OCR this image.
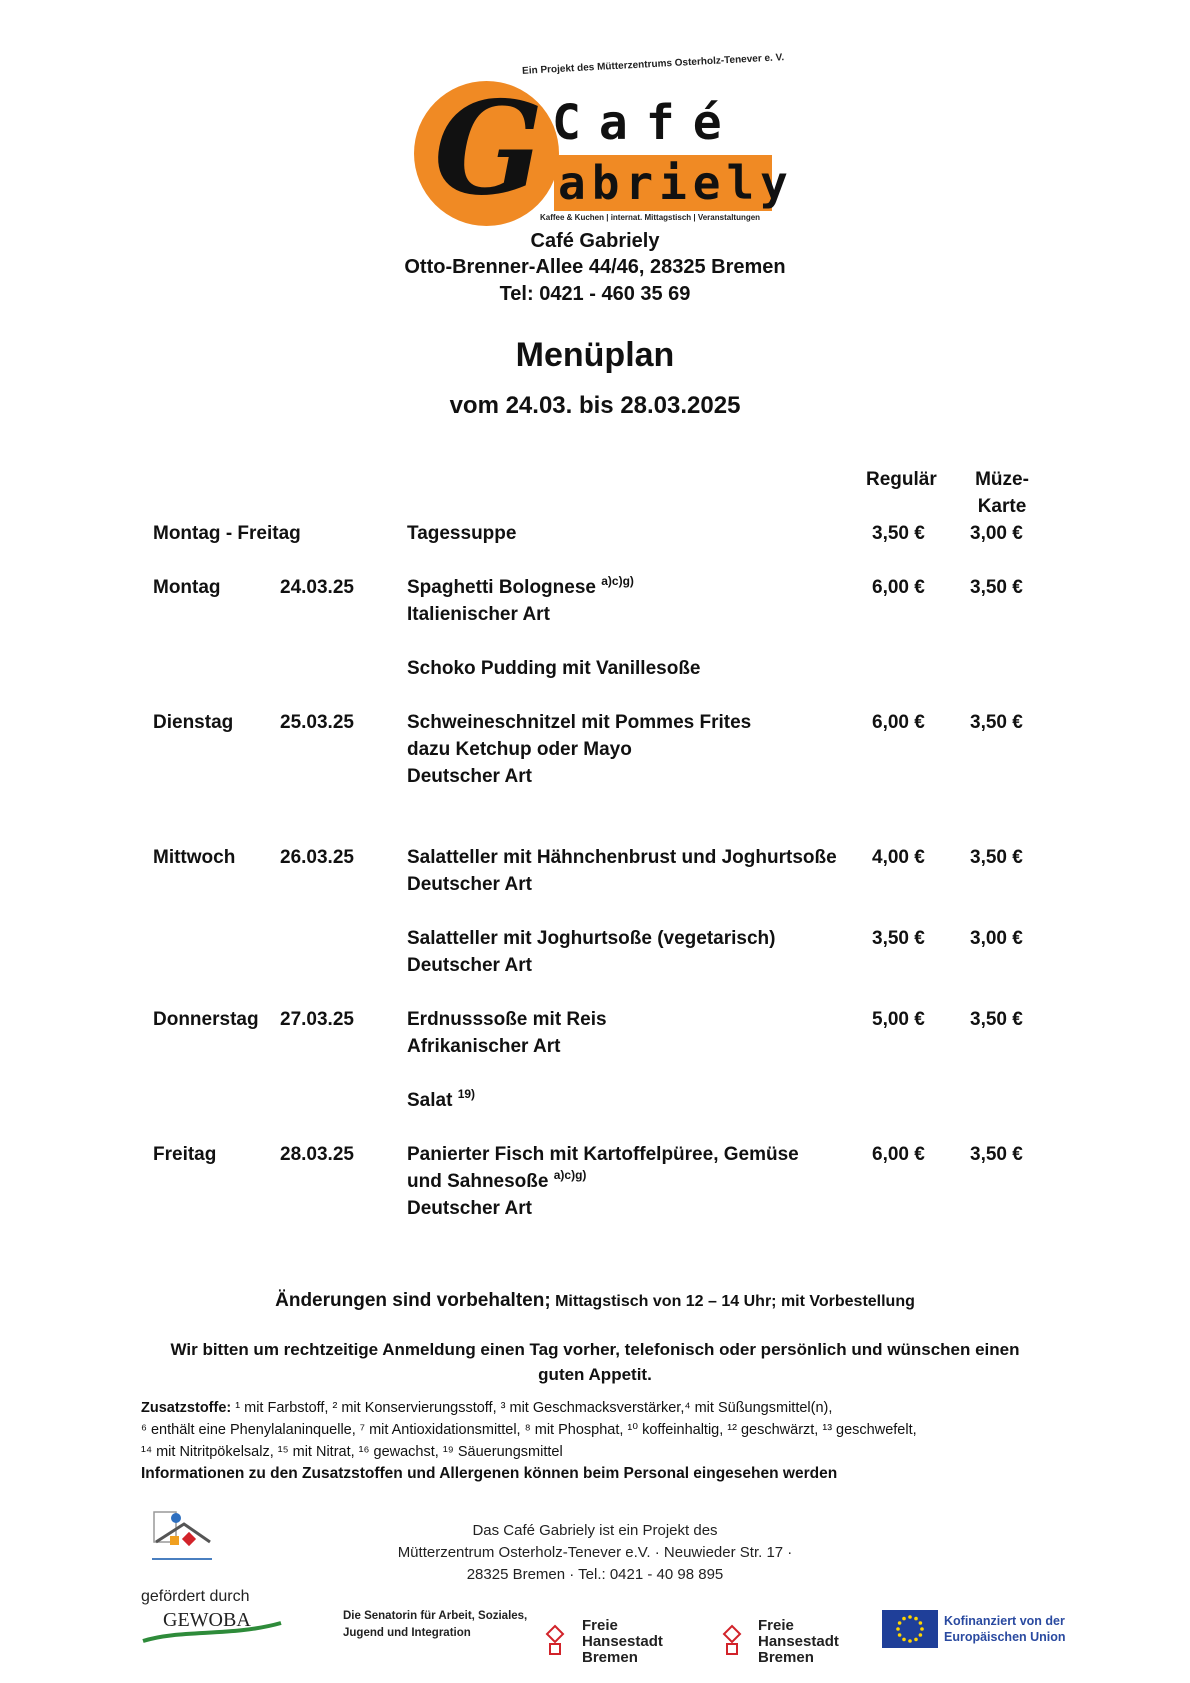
Ein Projekt des Mütterzentrums Osterholz-Tenever e. V.
G Café
abriely
Kaffee & Kuchen | internat. Mittagstisch | Veranstaltungen
Café Gabriely
Otto-Brenner-Allee 44/46, 28325 Bremen
Tel: 0421 - 460 35 69
Menüplan
vom 24.03. bis 28.03.2025
Regulär	Müze-
Karte
Montag - Freitag	Tagessuppe	3,50 € 3,00 €
Montag	24.03.25	Spaghetti Bolognese $^{a)c)g)}$
Italienischer Art
6,00 € 3,50 €
Schoko Pudding mit Vanillesoße
Dienstag 25.03.25	Schweineschnitzel mit Pommes Frites
dazu Ketchup oder Mayo
Deutscher Art
6,00 € 3,50 €
Mittwoch 26.03.25	Salatteller mit Hähnchenbrust und Joghurtsoße
Deutscher Art
4,00 € 3,50 €
Salatteller mit Joghurtsoße (vegetarisch)
Deutscher Art
3,50 € 3,00 €
Donnerstag 27.03.25	Erdnusssoße mit Reis
Afrikanischer Art
5,00 € 3,50 €
Salat $^{19)}$
Freitag	28.03.25	Panierter Fisch mit Kartoffelpüree, Gemüse
und Sahnesoße $^{a)c)g)}$
Deutscher Art
6,00 € 3,50 €
Änderungen sind vorbehalten; Mittagstisch von 12 – 14 Uhr; mit Vorbestellung
Wir bitten um rechtzeitige Anmeldung einen Tag vorher, telefonisch oder persönlich und wünschen einen guten Appetit.
Zusatzstoffe: ¹ mit Farbstoff, ² mit Konservierungsstoff, ³ mit Geschmacksverstärker,⁴ mit Süßungsmittel(n),
⁶ enthält eine Phenylalaninquelle, ⁷ mit Antioxidationsmittel, ⁸ mit Phosphat, ¹⁰ koffeinhaltig, ¹² geschwärzt, ¹³ geschwefelt,
¹⁴ mit Nitritpökelsalz, ¹⁵ mit Nitrat, ¹⁶ gewachst, ¹⁹ Säuerungsmittel
Informationen zu den Zusatzstoffen und Allergenen können beim Personal eingesehen werden
Das Café Gabriely ist ein Projekt des
Mütterzentrum Osterholz-Tenever e.V. · Neuwieder Str. 17 ·
28325 Bremen · Tel.: 0421 - 40 98 895
gefördert durch
GEWOBA	Die Senatorin für Arbeit, Soziales,
Jugend und Integration	Freie
Hansestadt
Bremen
Freie
Hansestadt
Bremen
Kofinanziert von der
Europäischen Union
